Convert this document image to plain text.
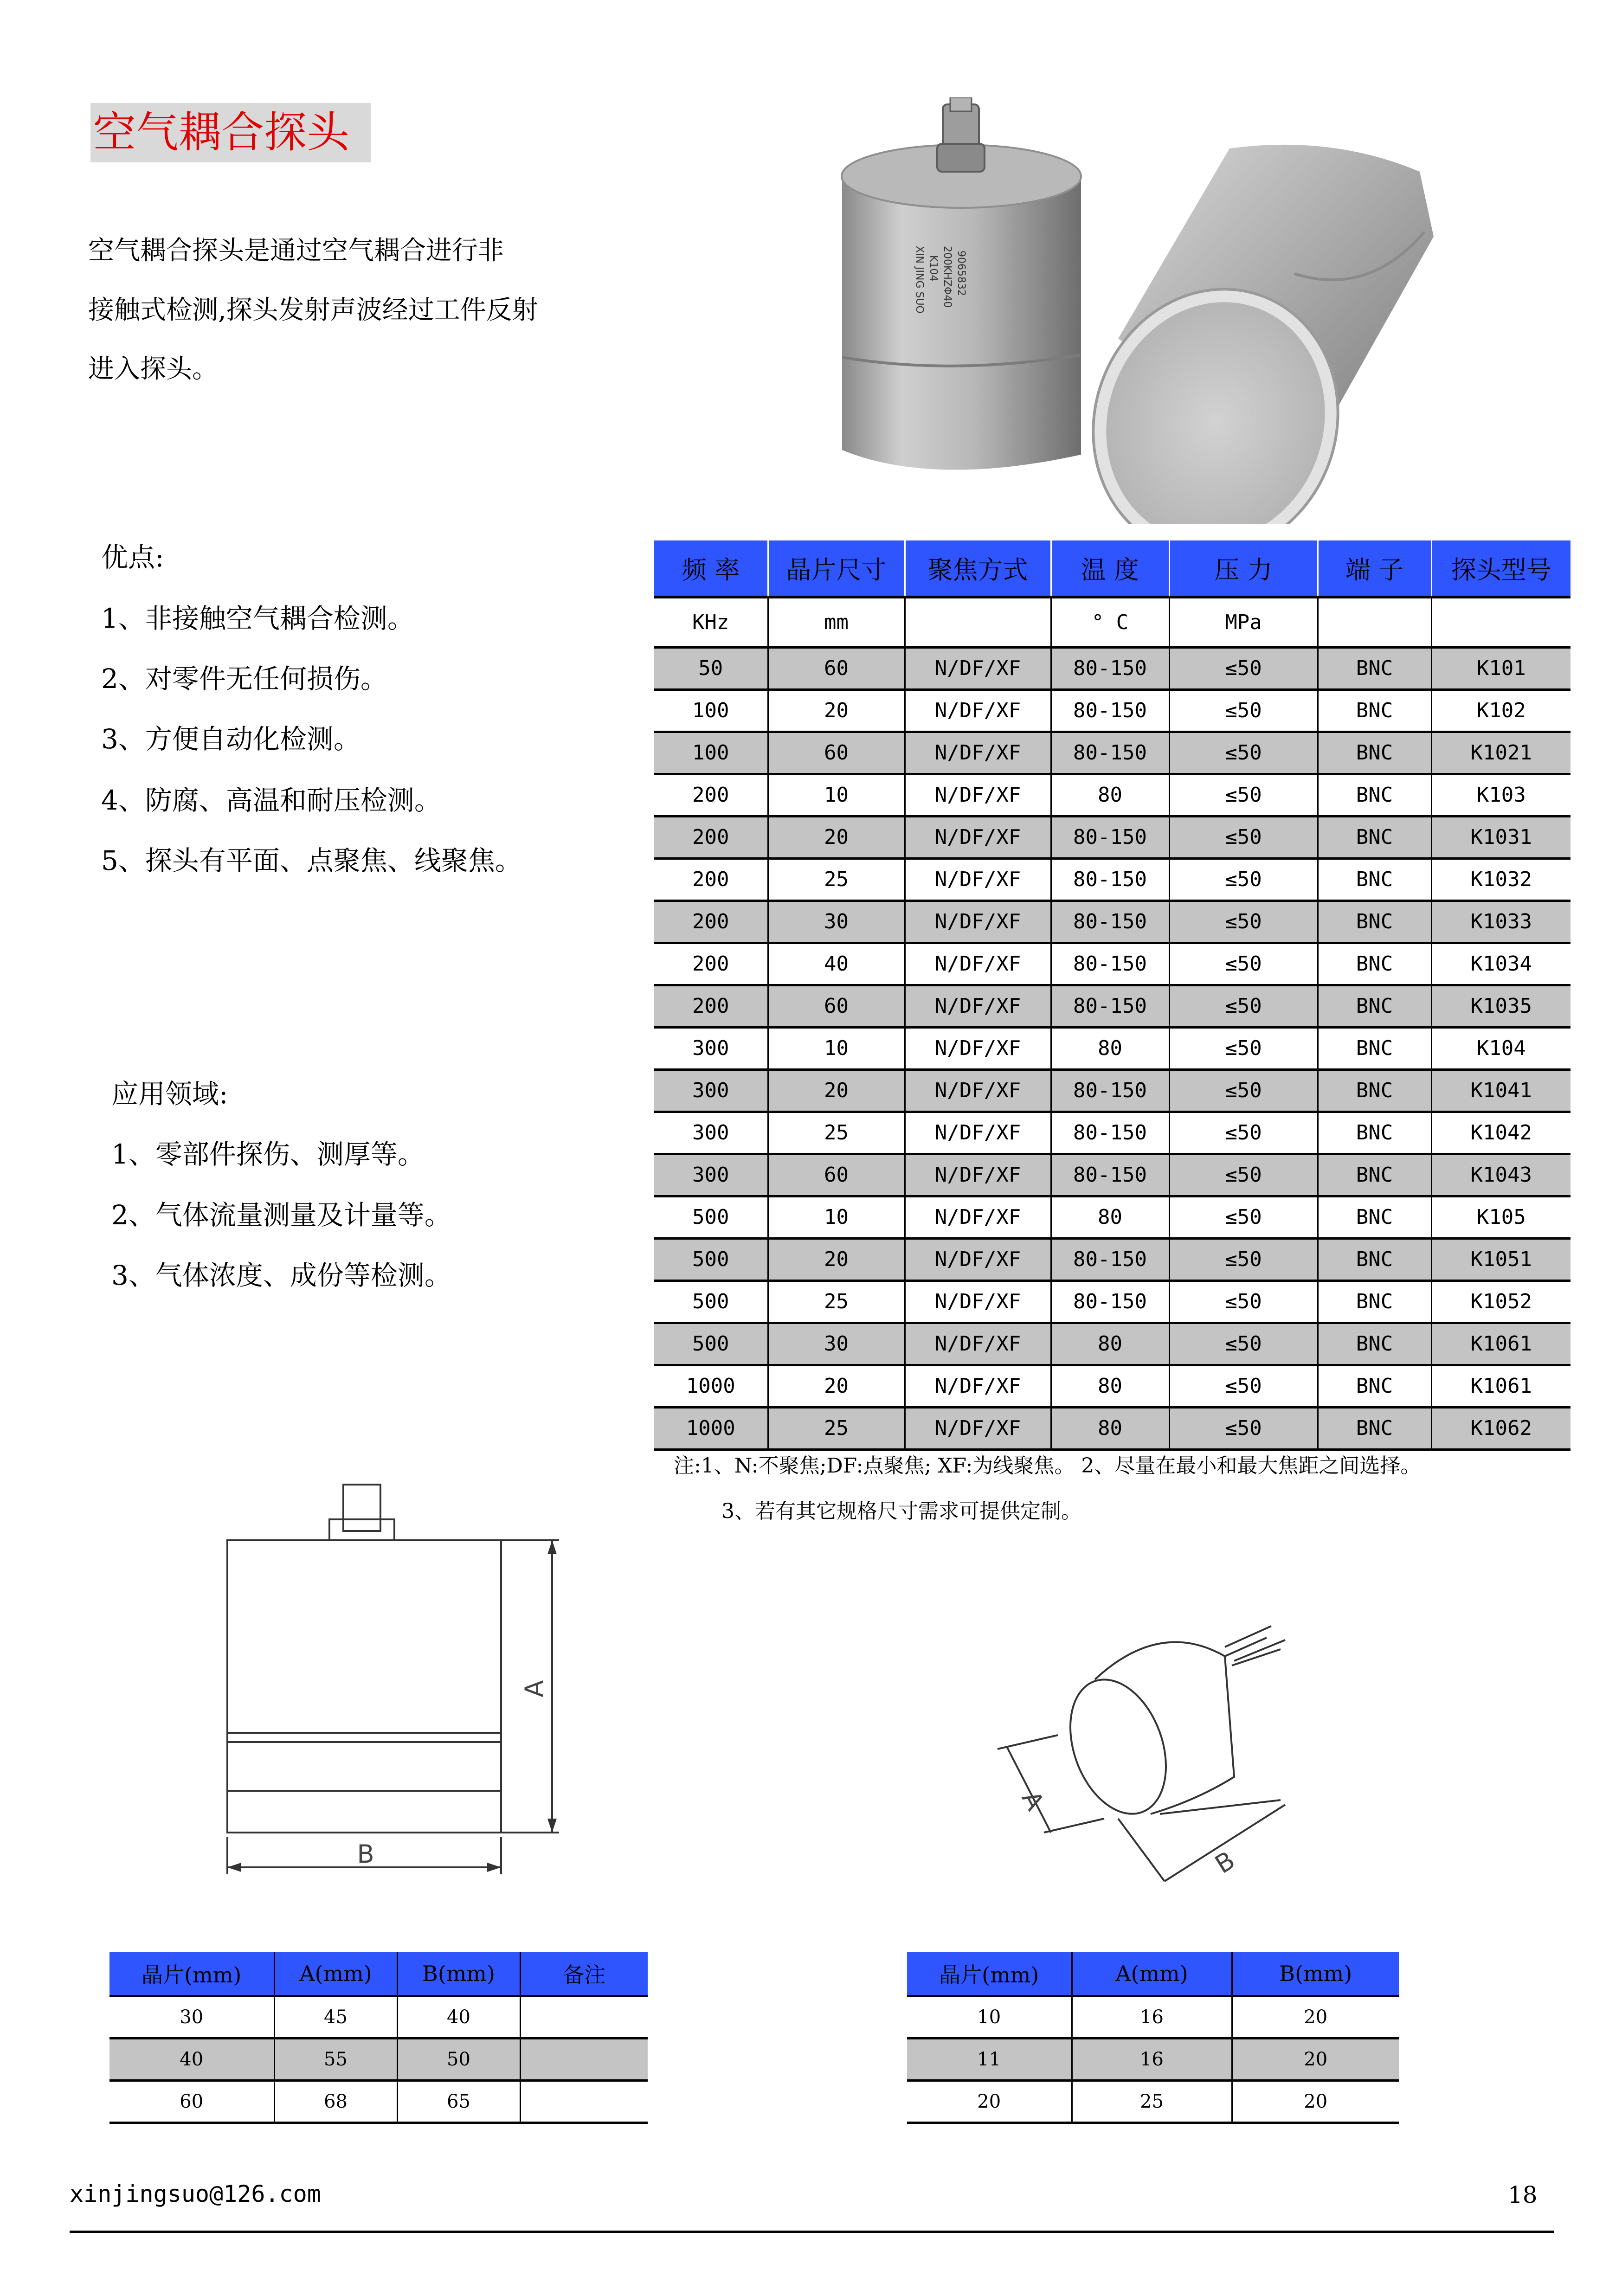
空气耦合探头
空气耦合探头是通过空气耦合进行非
接触式检测,探头发射声波经过工件反射
进入探头。
优点:
1、非接触空气耦合检测。
2、对零件无任何损伤。
3、方便自动化检测。
4、防腐、高温和耐压检测。
5、探头有平面、点聚焦、线聚焦。
应用领域:
1、零部件探伤、测厚等。
2、气体流量测量及计量等。
3、气体浓度、成份等检测。
XIN JING SUO K104 200KHZΦ40 9065832
频 率	晶片尺寸	聚焦方式	温 度	压 力	端 子	探头型号
KHz	mm		° C	MPa		
50	60	N/DF/XF	80-150	≤50	BNC	K101
100	20	N/DF/XF	80-150	≤50	BNC	K102
100	60	N/DF/XF	80-150	≤50	BNC	K1021
200	10	N/DF/XF	80	≤50	BNC	K103
200	20	N/DF/XF	80-150	≤50	BNC	K1031
200	25	N/DF/XF	80-150	≤50	BNC	K1032
200	30	N/DF/XF	80-150	≤50	BNC	K1033
200	40	N/DF/XF	80-150	≤50	BNC	K1034
200	60	N/DF/XF	80-150	≤50	BNC	K1035
300	10	N/DF/XF	80	≤50	BNC	K104
300	20	N/DF/XF	80-150	≤50	BNC	K1041
300	25	N/DF/XF	80-150	≤50	BNC	K1042
300	60	N/DF/XF	80-150	≤50	BNC	K1043
500	10	N/DF/XF	80	≤50	BNC	K105
500	20	N/DF/XF	80-150	≤50	BNC	K1051
500	25	N/DF/XF	80-150	≤50	BNC	K1052
500	30	N/DF/XF	80	≤50	BNC	K1061
1000	20	N/DF/XF	80	≤50	BNC	K1061
1000	25	N/DF/XF	80	≤50	BNC	K1062
注:1、N:不聚焦;DF:点聚焦; XF:为线聚焦。 2、尽量在最小和最大焦距之间选择。
3、若有其它规格尺寸需求可提供定制。
A
B
A
B
晶片(mm)	A(mm)	B(mm)	备注
30	45	40	
40	55	50	
60	68	65	
晶片(mm)	A(mm)	B(mm)
10	16	20
11	16	20
20	25	20
xinjingsuo@126.com	18
